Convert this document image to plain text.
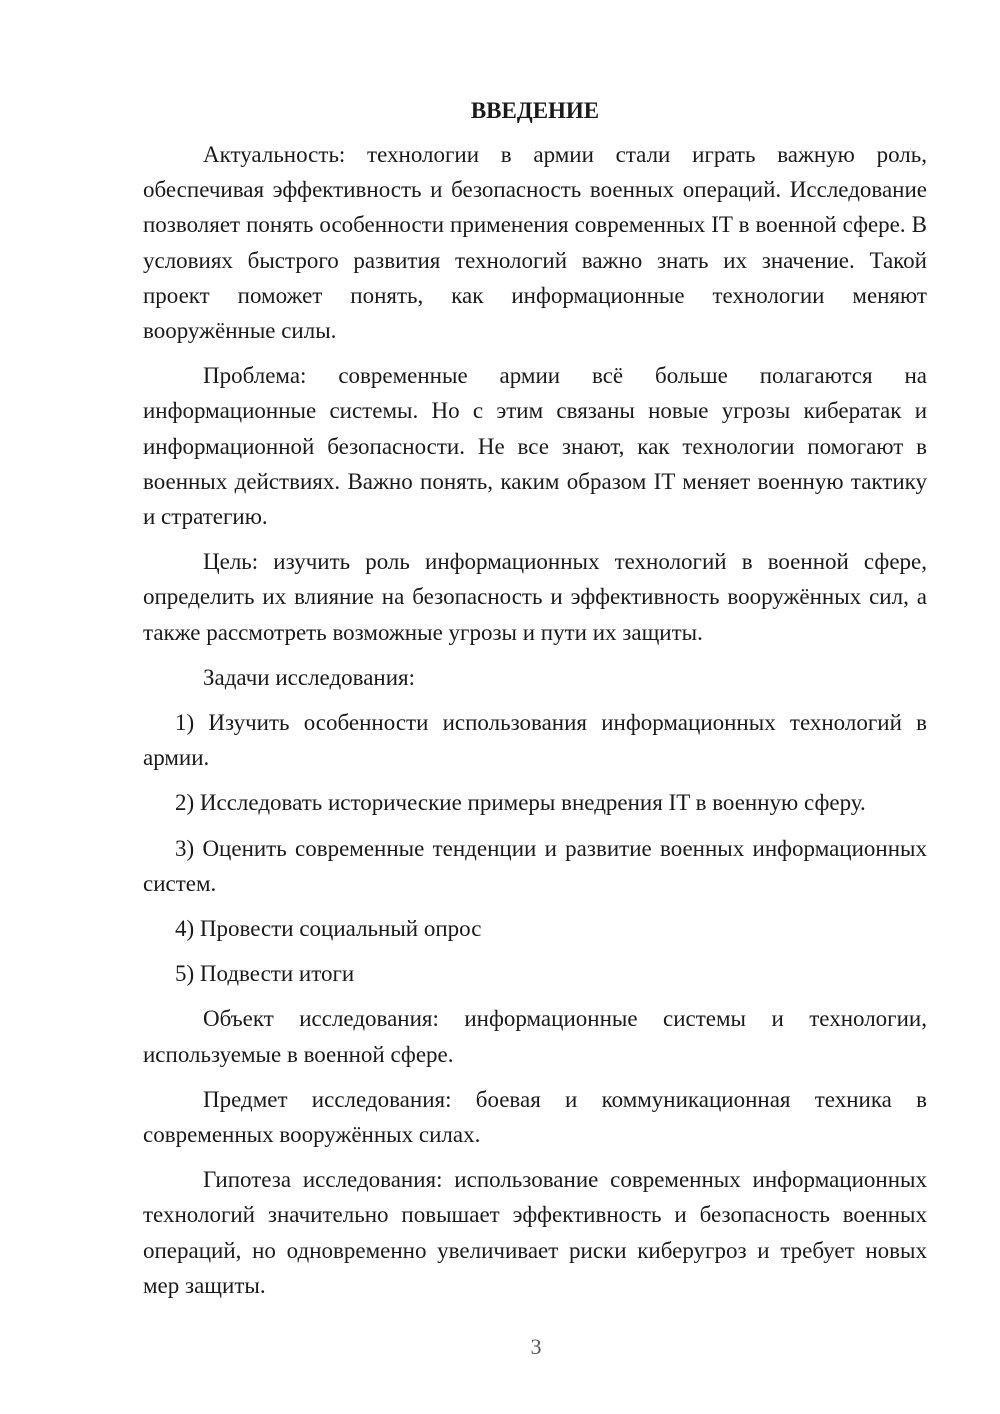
ВВЕДЕНИЕ

Актуальность: технологии в армии стали играть важную роль, обеспечивая эффективность и безопасность военных операций. Исследование позволяет понять особенности применения современных IT в военной сфере. В условиях быстрого развития технологий важно знать их значение. Такой проект поможет понять, как информационные технологии меняют вооружённые силы.

Проблема: современные армии всё больше полагаются на информационные системы. Но с этим связаны новые угрозы кибератак и информационной безопасности. Не все знают, как технологии помогают в военных действиях. Важно понять, каким образом IT меняет военную тактику и стратегию.

Цель: изучить роль информационных технологий в военной сфере, определить их влияние на безопасность и эффективность вооружённых сил, а также рассмотреть возможные угрозы и пути их защиты.

Задачи исследования:

1) Изучить особенности использования информационных технологий в армии.

2) Исследовать исторические примеры внедрения IT в военную сферу.

3) Оценить современные тенденции и развитие военных информационных систем.

4) Провести социальный опрос

5) Подвести итоги

Объект исследования: информационные системы и технологии, используемые в военной сфере.

Предмет исследования: боевая и коммуникационная техника в современных вооружённых силах.

Гипотеза исследования: использование современных информационных технологий значительно повышает эффективность и безопасность военных операций, но одновременно увеличивает риски киберугроз и требует новых мер защиты.

3
